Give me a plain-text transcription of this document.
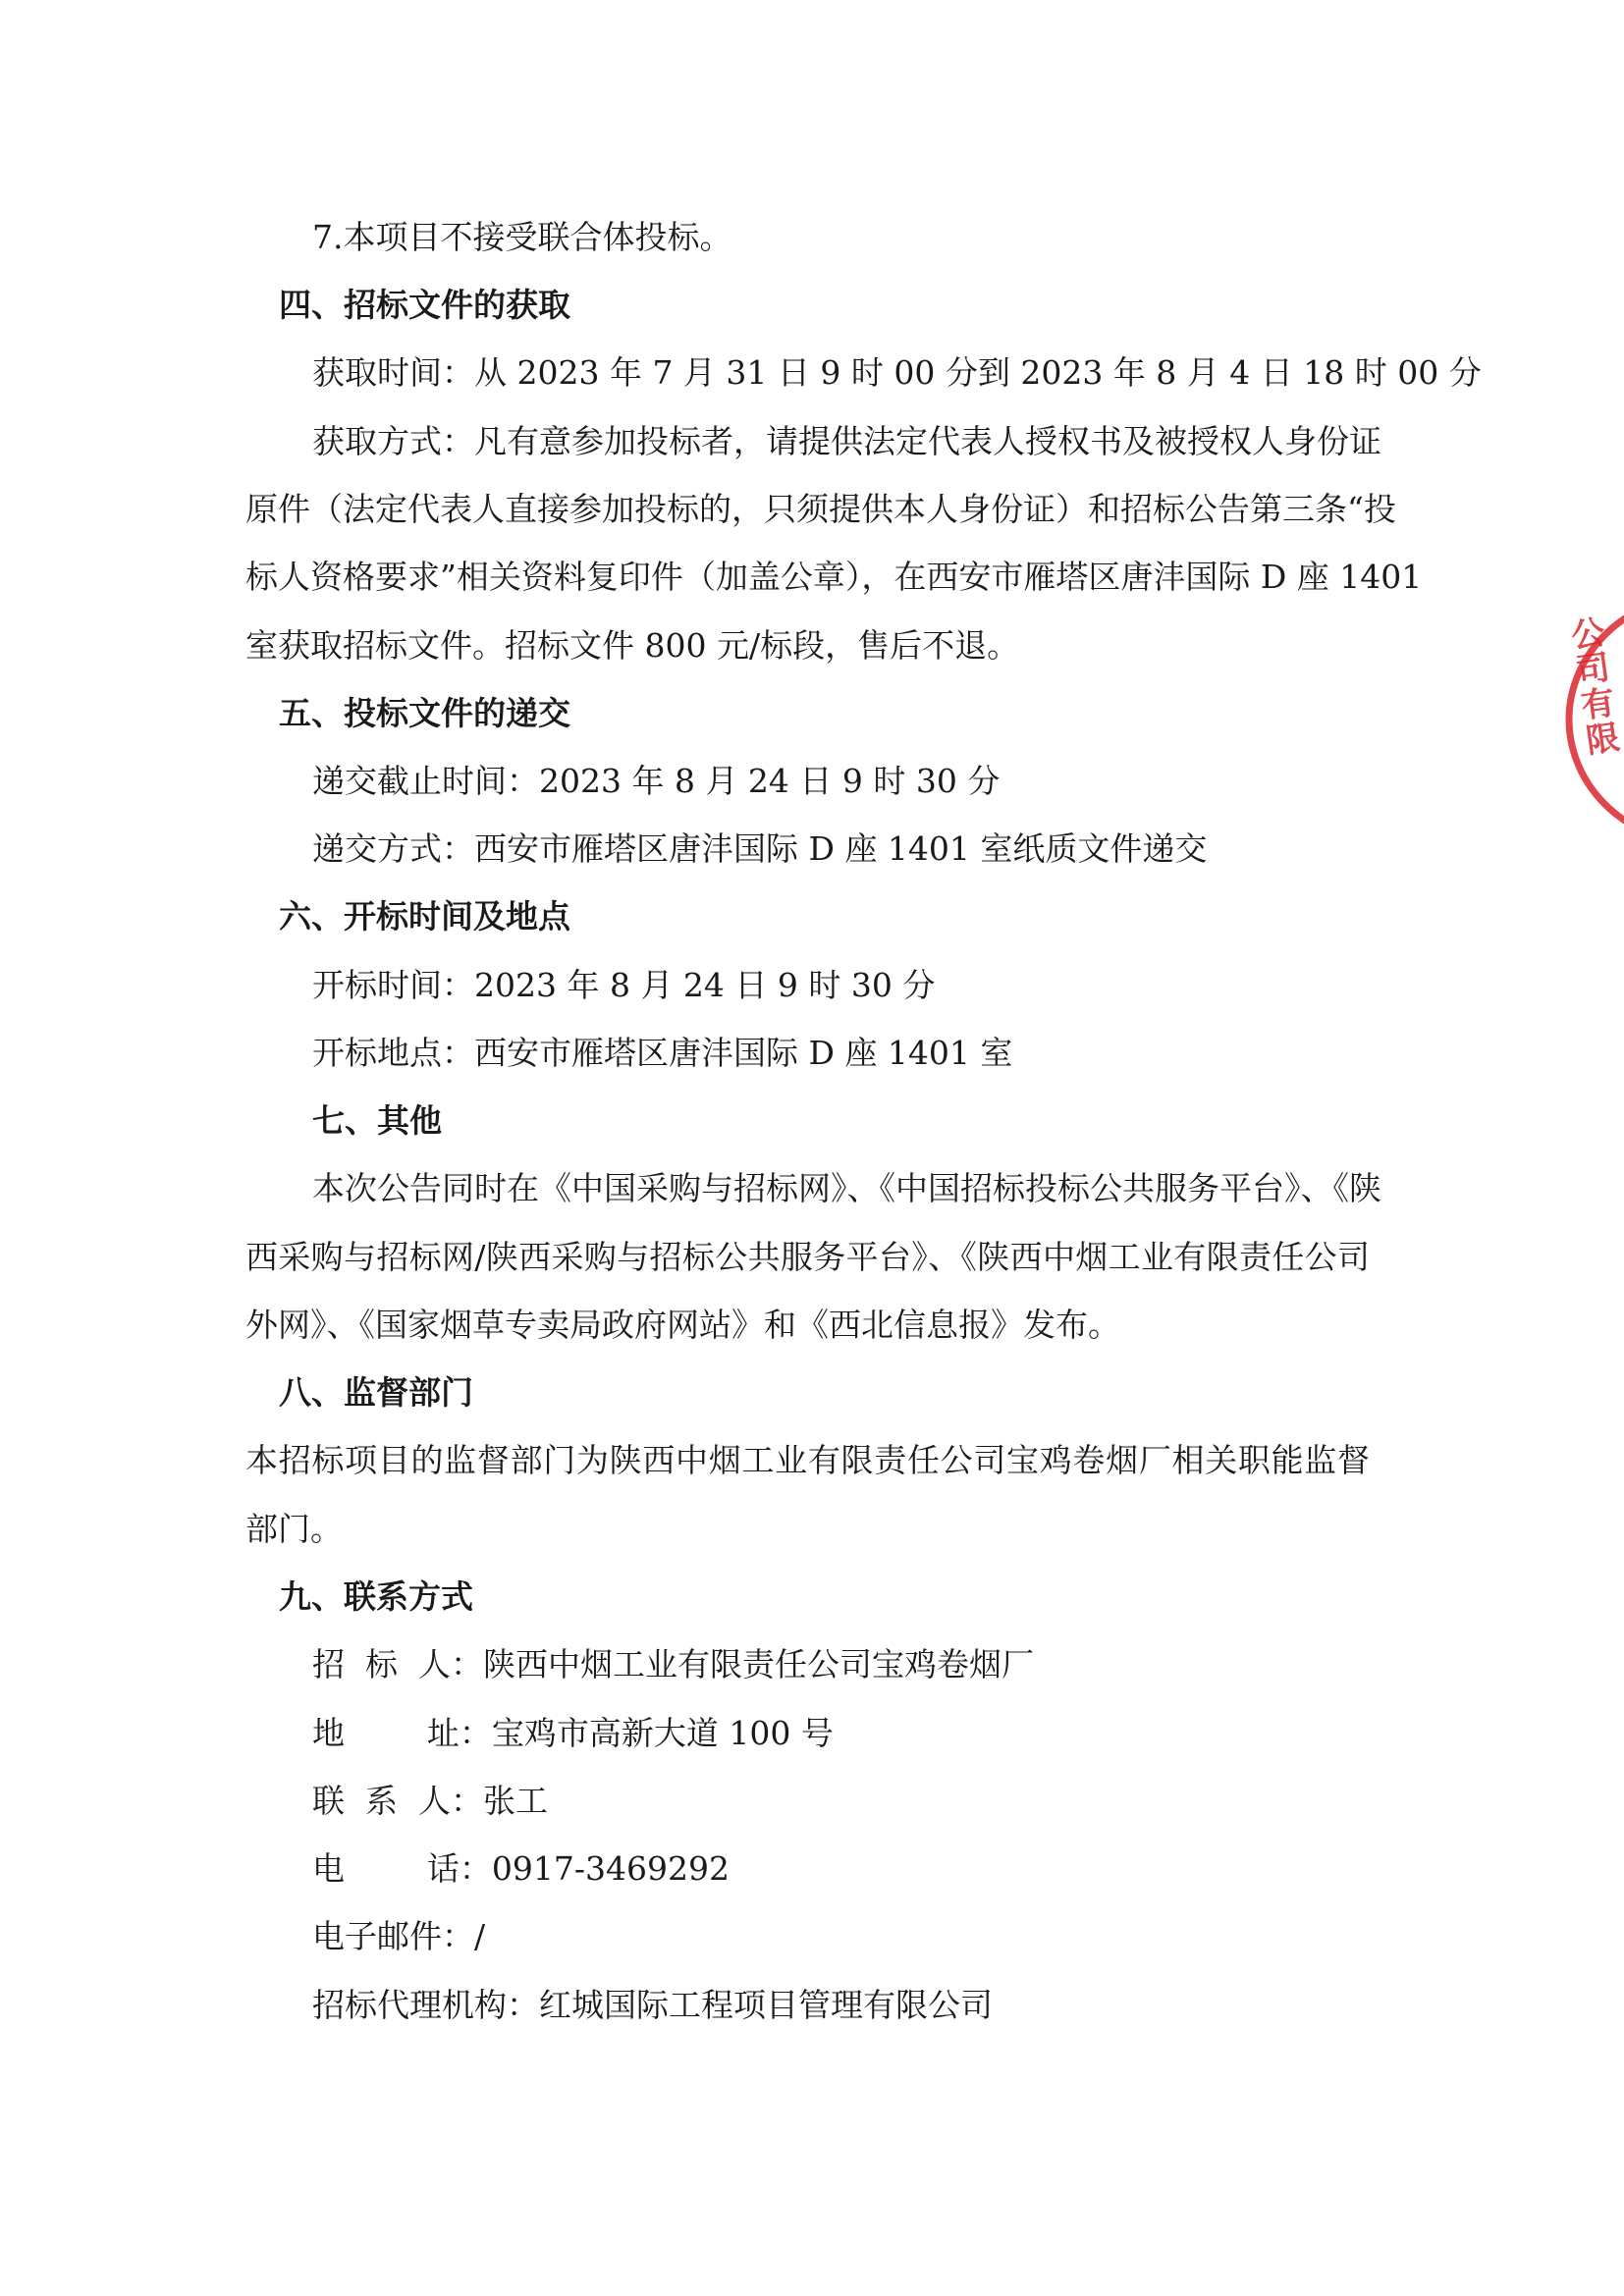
7.本项目不接受联合体投标。

四、招标文件的获取

获取时间：从 2023 年 7 月 31 日 9 时 00 分到 2023 年 8 月 4 日 18 时 00 分

获取方式：凡有意参加投标者，请提供法定代表人授权书及被授权人身份证

原件（法定代表人直接参加投标的，只须提供本人身份证）和招标公告第三条“投

标人资格要求”相关资料复印件（加盖公章），在西安市雁塔区唐沣国际 D 座 1401

室获取招标文件。招标文件 800 元/标段，售后不退。

五、投标文件的递交

递交截止时间：2023 年 8 月 24 日 9 时 30 分

递交方式：西安市雁塔区唐沣国际 D 座 1401 室纸质文件递交

六、开标时间及地点

开标时间：2023 年 8 月 24 日 9 时 30 分

开标地点：西安市雁塔区唐沣国际 D 座 1401 室

七、其他

本次公告同时在《中国采购与招标网》、《中国招标投标公共服务平台》、《陕

西采购与招标网/陕西采购与招标公共服务平台》、《陕西中烟工业有限责任公司

外网》、《国家烟草专卖局政府网站》和《西北信息报》发布。

八、监督部门

本招标项目的监督部门为陕西中烟工业有限责任公司宝鸡卷烟厂相关职能监督

部门。

九、联系方式

招  标  人：陕西中烟工业有限责任公司宝鸡卷烟厂

地        址：宝鸡市高新大道 100 号

联  系  人：张工

电        话：0917-3469292

电子邮件：/

招标代理机构：红城国际工程项目管理有限公司

公司有限
